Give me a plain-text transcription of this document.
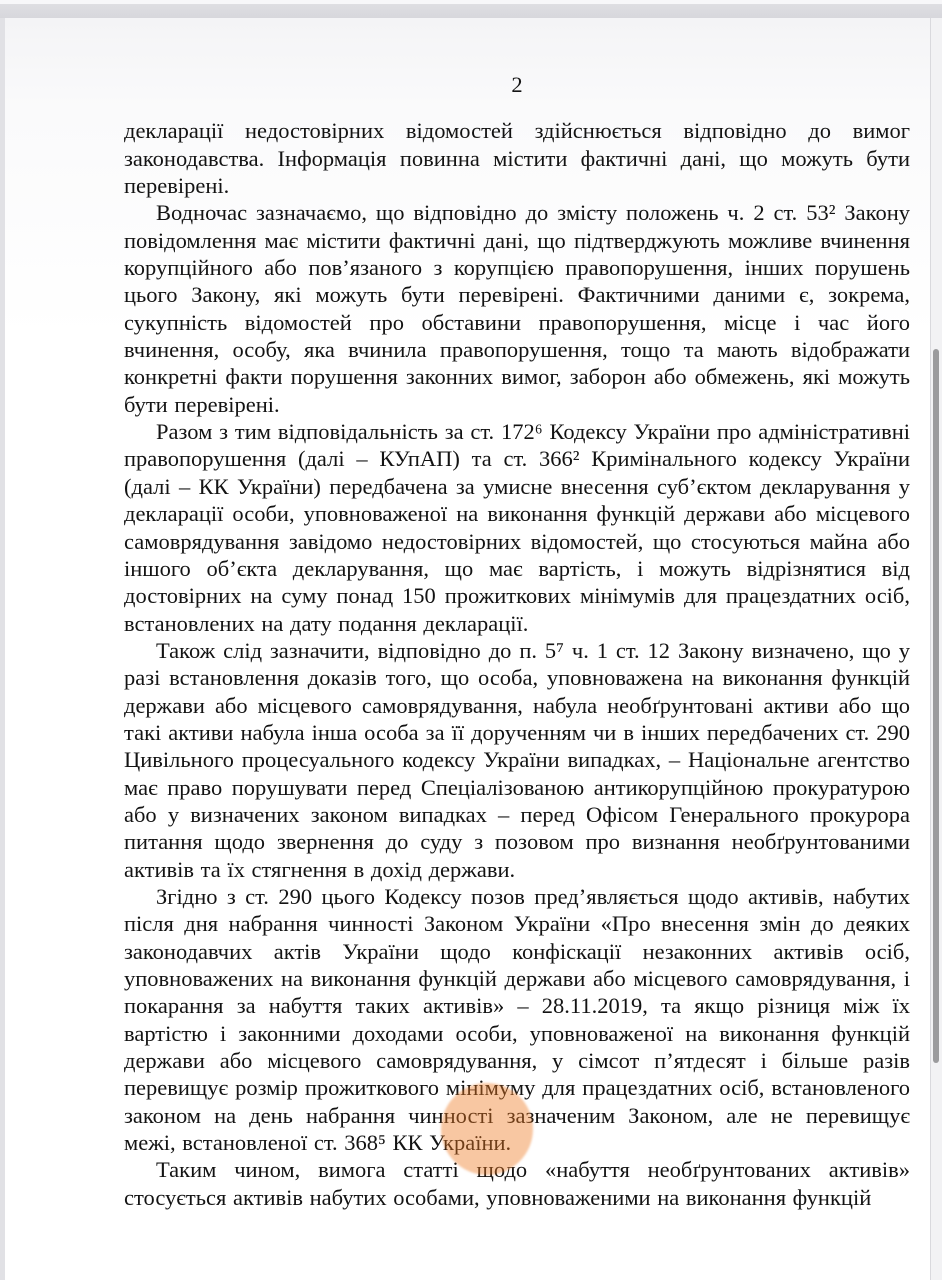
2

декларації недостовірних відомостей здійснюється відповідно до вимог законодавства. Інформація повинна містити фактичні дані, що можуть бути перевірені.

Водночас зазначаємо, що відповідно до змісту положень ч. 2 ст. 53² Закону повідомлення має містити фактичні дані, що підтверджують можливе вчинення корупційного або пов’язаного з корупцією правопорушення, інших порушень цього Закону, які можуть бути перевірені. Фактичними даними є, зокрема, сукупність відомостей про обставини правопорушення, місце і час його вчинення, особу, яка вчинила правопорушення, тощо та мають відображати конкретні факти порушення законних вимог, заборон або обмежень, які можуть бути перевірені.

Разом з тим відповідальність за ст. 172⁶ Кодексу України про адміністративні правопорушення (далі – КУпАП) та ст. 366² Кримінального кодексу України (далі – КК України) передбачена за умисне внесення суб’єктом декларування у декларації особи, уповноваженої на виконання функцій держави або місцевого самоврядування завідомо недостовірних відомостей, що стосуються майна або іншого об’єкта декларування, що має вартість, і можуть відрізнятися від достовірних на суму понад 150 прожиткових мінімумів для працездатних осіб, встановлених на дату подання декларації.

Також слід зазначити, відповідно до п. 5⁷ ч. 1 ст. 12 Закону визначено, що у разі встановлення доказів того, що особа, уповноважена на виконання функцій держави або місцевого самоврядування, набула необґрунтовані активи або що такі активи набула інша особа за її дорученням чи в інших передбачених ст. 290 Цивільного процесуального кодексу України випадках, – Національне агентство має право порушувати перед Спеціалізованою антикорупційною прокуратурою або у визначених законом випадках – перед Офісом Генерального прокурора питання щодо звернення до суду з позовом про визнання необґрунтованими активів та їх стягнення в дохід держави.

Згідно з ст. 290 цього Кодексу позов пред’являється щодо активів, набутих після дня набрання чинності Законом України «Про внесення змін до деяких законодавчих актів України щодо конфіскації незаконних активів осіб, уповноважених на виконання функцій держави або місцевого самоврядування, і покарання за набуття таких активів» – 28.11.2019, та якщо різниця між їх вартістю і законними доходами особи, уповноваженої на виконання функцій держави або місцевого самоврядування, у сімсот п’ятдесят і більше разів перевищує розмір прожиткового мінімуму для працездатних осіб, встановленого законом на день набрання чинності зазначеним Законом, але не перевищує межі, встановленої ст. 368⁵ КК України.

Таким чином, вимога статті щодо «набуття необґрунтованих активів» стосується активів набутих особами, уповноваженими на виконання функцій
